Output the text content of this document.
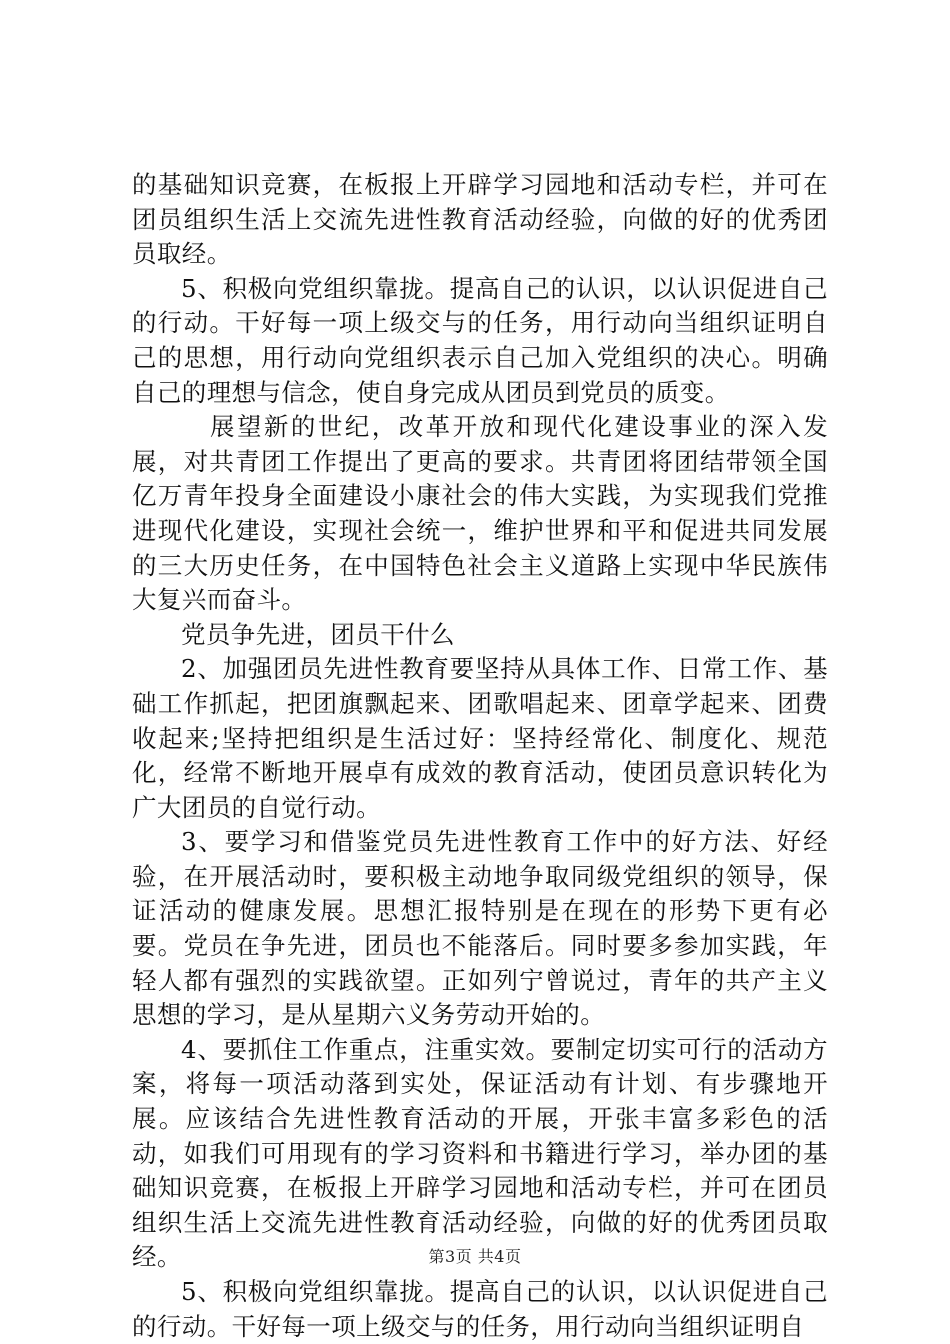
的基础知识竞赛，在板报上开辟学习园地和活动专栏，并可在团员组织生活上交流先进性教育活动经验，向做的好的优秀团员取经。

5、积极向党组织靠拢。提高自己的认识，以认识促进自己的行动。干好每一项上级交与的任务，用行动向当组织证明自己的思想，用行动向党组织表示自己加入党组织的决心。明确自己的理想与信念，使自身完成从团员到党员的质变。

展望新的世纪，改革开放和现代化建设事业的深入发展，对共青团工作提出了更高的要求。共青团将团结带领全国亿万青年投身全面建设小康社会的伟大实践，为实现我们党推进现代化建设，实现社会统一，维护世界和平和促进共同发展的三大历史任务，在中国特色社会主义道路上实现中华民族伟大复兴而奋斗。

党员争先进，团员干什么

2、加强团员先进性教育要坚持从具体工作、日常工作、基础工作抓起，把团旗飘起来、团歌唱起来、团章学起来、团费收起来;坚持把组织是生活过好：坚持经常化、制度化、规范化，经常不断地开展卓有成效的教育活动，使团员意识转化为广大团员的自觉行动。

3、要学习和借鉴党员先进性教育工作中的好方法、好经验，在开展活动时，要积极主动地争取同级党组织的领导，保证活动的健康发展。思想汇报特别是在现在的形势下更有必要。党员在争先进，团员也不能落后。同时要多参加实践，年轻人都有强烈的实践欲望。正如列宁曾说过，青年的共产主义思想的学习，是从星期六义务劳动开始的。

4、要抓住工作重点，注重实效。要制定切实可行的活动方案，将每一项活动落到实处，保证活动有计划、有步骤地开展。应该结合先进性教育活动的开展，开张丰富多彩色的活动，如我们可用现有的学习资料和书籍进行学习，举办团的基础知识竞赛，在板报上开辟学习园地和活动专栏，并可在团员组织生活上交流先进性教育活动经验，向做的好的优秀团员取经。

5、积极向党组织靠拢。提高自己的认识，以认识促进自己的行动。干好每一项上级交与的任务，用行动向当组织证明自

第3页 共4页
